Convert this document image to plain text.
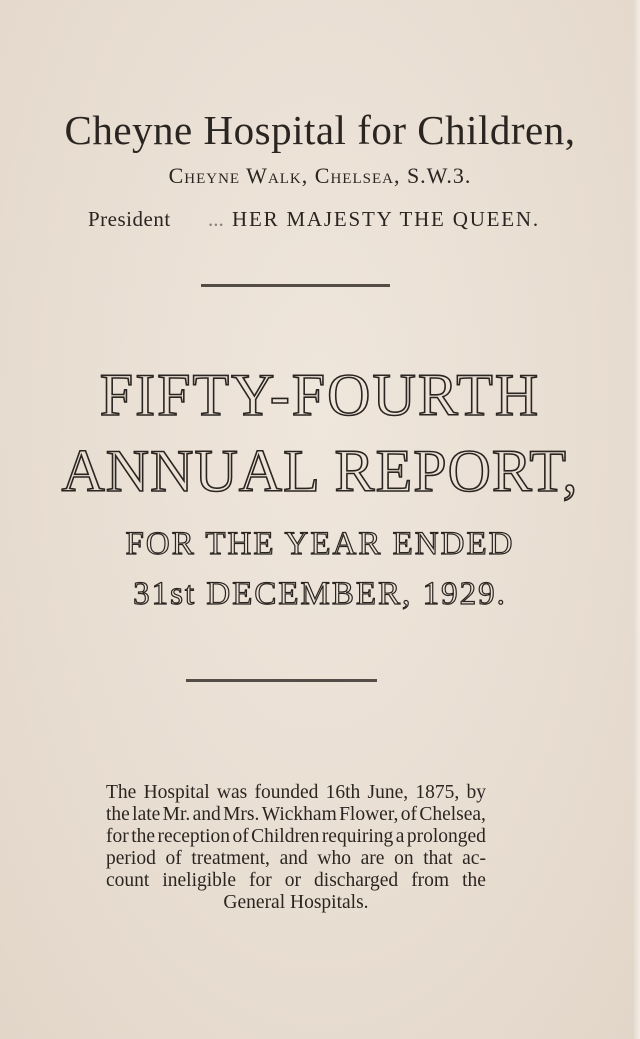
Cheyne Hospital for Children,
Cheyne Walk, Chelsea, S.W.3.
President ... HER MAJESTY THE QUEEN.
FIFTY-FOURTH
ANNUAL REPORT,
FOR THE YEAR ENDED
31st DECEMBER, 1929.
The Hospital was founded 16th June, 1875, by
the late Mr. and Mrs. Wickham Flower, of Chelsea,
for the reception of Children requiring a prolonged
period of treatment, and who are on that ac-
count ineligible for or discharged from the
General Hospitals.
